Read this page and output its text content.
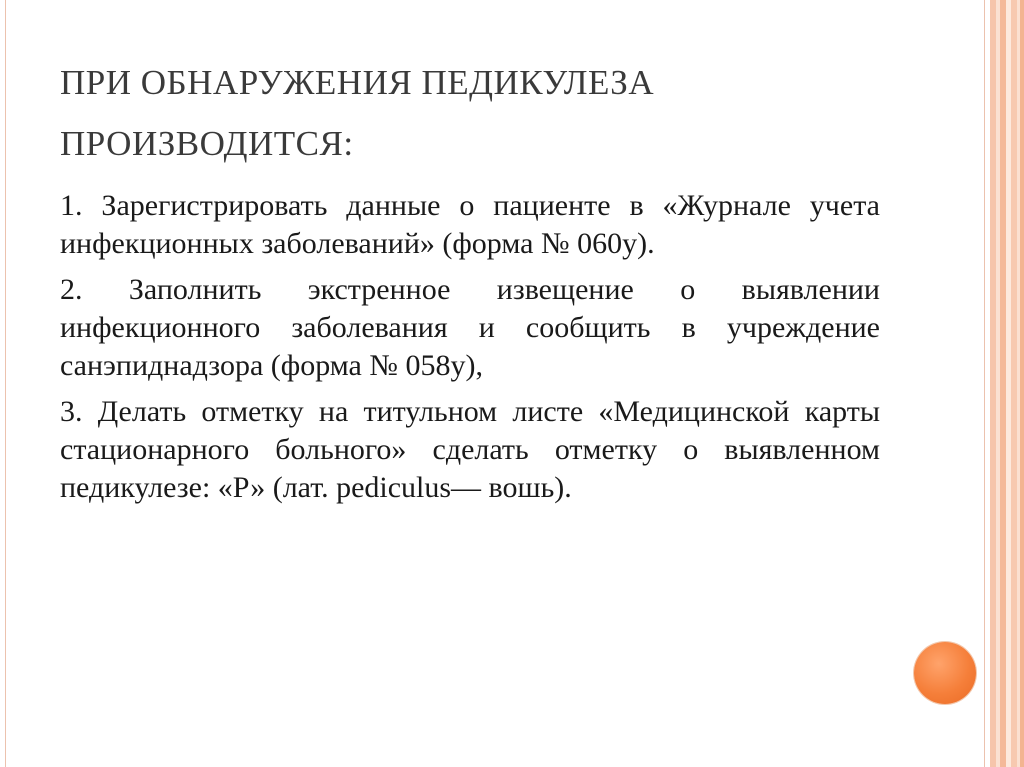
ПРИ ОБНАРУЖЕНИЯ ПЕДИКУЛЕЗА ПРОИЗВОДИТСЯ:

1. Зарегистрировать данные о пациенте в «Журнале учета инфекционных заболеваний» (форма № 060у).

2. Заполнить экстренное извещение о выявлении инфекционного заболевания и сообщить в учреждение санэпиднадзора (форма № 058у),

3. Делать отметку на титульном листе «Медицинской карты стационарного больного» сделать отметку о выявленном педикулезе: «Р» (лат. pediculus— вошь).
